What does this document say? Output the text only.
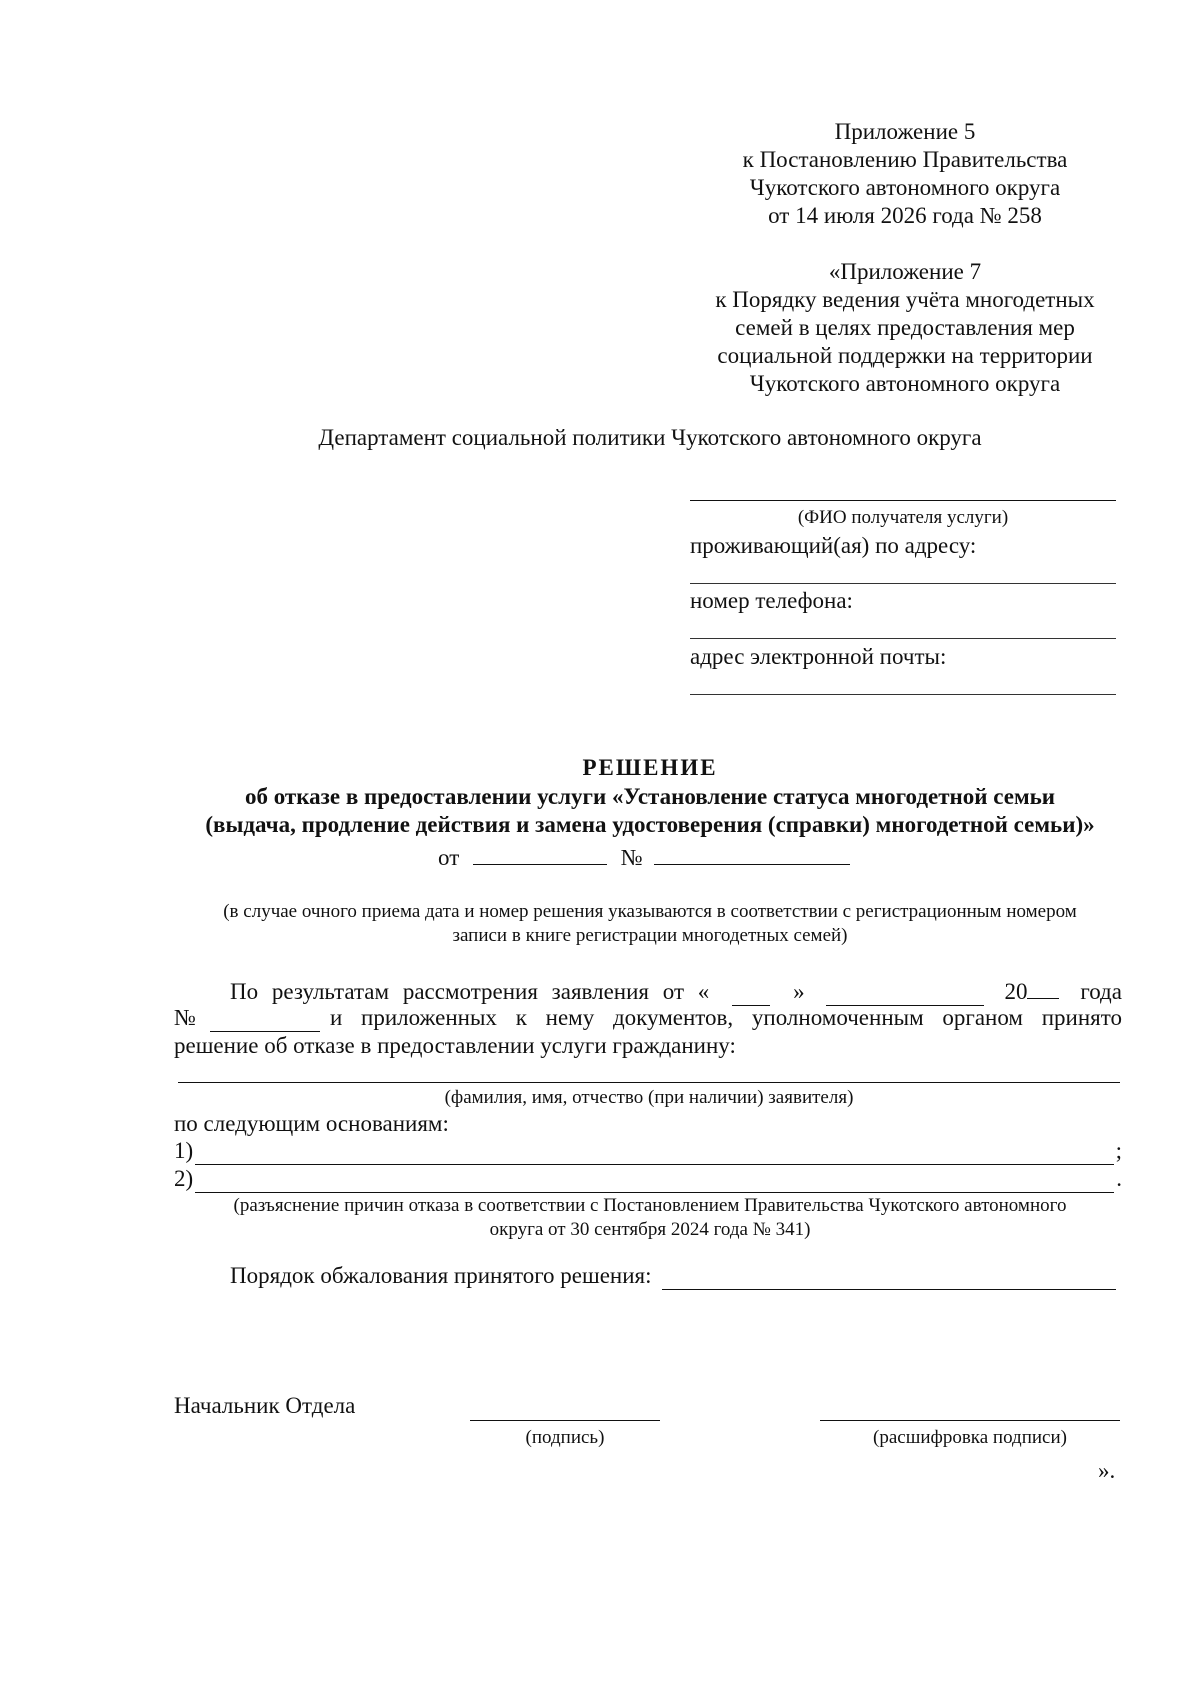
Приложение 5
к Постановлению Правительства
Чукотского автономного округа
от 14 июля 2026 года № 258
«Приложение 7
к Порядку ведения учёта многодетных
семей в целях предоставления мер
социальной поддержки на территории
Чукотского автономного округа
Департамент социальной политики Чукотского автономного округа
(ФИО получателя услуги)
проживающий(ая) по адресу:
номер телефона:
адрес электронной почты:
РЕШЕНИЕ
об отказе в предоставлении услуги «Установление статуса многодетной семьи
(выдача, продление действия и замена удостоверения (справки) многодетной семьи)»
от	№
(в случае очного приема дата и номер решения указываются в соответствии с регистрационным номером
записи в книге регистрации многодетных семей)
По результатам рассмотрения заявления от «	»	20	года
№	и приложенных к нему документов, уполномоченным органом принято
решение об отказе в предоставлении услуги гражданину:
(фамилия, имя, отчество (при наличии) заявителя)
по следующим основаниям:
1)	;
2)	.
(разъяснение причин отказа в соответствии с Постановлением Правительства Чукотского автономного
округа от 30 сентября 2024 года № 341)
Порядок обжалования принятого решения:
Начальник Отдела
(подпись)	(расшифровка подписи)
».
